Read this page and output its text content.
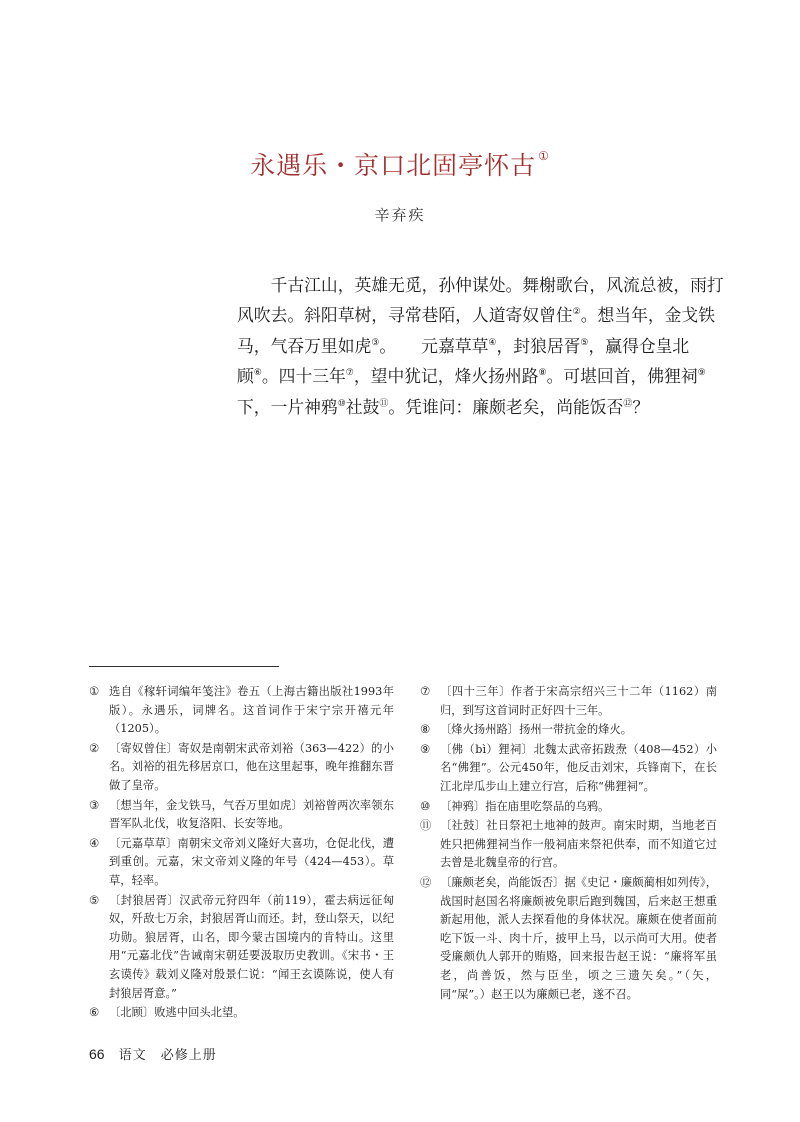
永遇乐・京口北固亭怀古 ①
辛弃疾
　　千古江山，英雄无觅，孙仲谋处。舞榭歌台，风流总被，雨打
风吹去。斜阳草树，寻常巷陌，人道寄奴曾住②。想当年，金戈铁
马，气吞万里如虎③。　　元嘉草草④，封狼居胥⑤，赢得仓皇北
顾⑥。四十三年⑦，望中犹记，烽火扬州路⑧。可堪回首，佛狸祠⑨
下，一片神鸦⑩社鼓⑪。凭谁问：廉颇老矣，尚能饭否⑫？
① 选自《稼轩词编年笺注》卷五（上海古籍出版社1993年版）。永遇乐，词牌名。这首词作于宋宁宗开禧元年（1205）。
② 〔寄奴曾住〕寄奴是南朝宋武帝刘裕（363—422）的小名。刘裕的祖先移居京口，他在这里起事，晚年推翻东晋做了皇帝。
③ 〔想当年，金戈铁马，气吞万里如虎〕刘裕曾两次率领东晋军队北伐，收复洛阳、长安等地。
④ 〔元嘉草草〕南朝宋文帝刘义隆好大喜功，仓促北伐，遭到重创。元嘉，宋文帝刘义隆的年号（424—453）。草草，轻率。
⑤ 〔封狼居胥〕汉武帝元狩四年（前119），霍去病远征匈奴，歼敌七万余，封狼居胥山而还。封，登山祭天，以纪功勋。狼居胥，山名，即今蒙古国境内的肯特山。这里用“元嘉北伐”告诫南宋朝廷要汲取历史教训。《宋书・王玄谟传》载刘义隆对殷景仁说：“闻王玄谟陈说，使人有封狼居胥意。”
⑥ 〔北顾〕败逃中回头北望。
⑦ 〔四十三年〕作者于宋高宗绍兴三十二年（1162）南归，到写这首词时正好四十三年。
⑧ 〔烽火扬州路〕扬州一带抗金的烽火。
⑨ 〔佛（bì）狸祠〕北魏太武帝拓跋焘（408—452）小名“佛狸”。公元450年，他反击刘宋，兵锋南下，在长江北岸瓜步山上建立行宫，后称“佛狸祠”。
⑩ 〔神鸦〕指在庙里吃祭品的乌鸦。
⑪ 〔社鼓〕社日祭祀土地神的鼓声。南宋时期，当地老百姓只把佛狸祠当作一般祠庙来祭祀供奉，而不知道它过去曾是北魏皇帝的行宫。
⑫ 〔廉颇老矣，尚能饭否〕据《史记・廉颇蔺相如列传》，战国时赵国名将廉颇被免职后跑到魏国，后来赵王想重新起用他，派人去探看他的身体状况。廉颇在使者面前吃下饭一斗、肉十斤，披甲上马，以示尚可大用。使者受廉颇仇人郭开的贿赂，回来报告赵王说：“廉将军虽老，尚善饭，然与臣坐，顷之三遗矢矣。”（矢，同“屎”。）赵王以为廉颇已老，遂不召。
66 语文　必修上册
